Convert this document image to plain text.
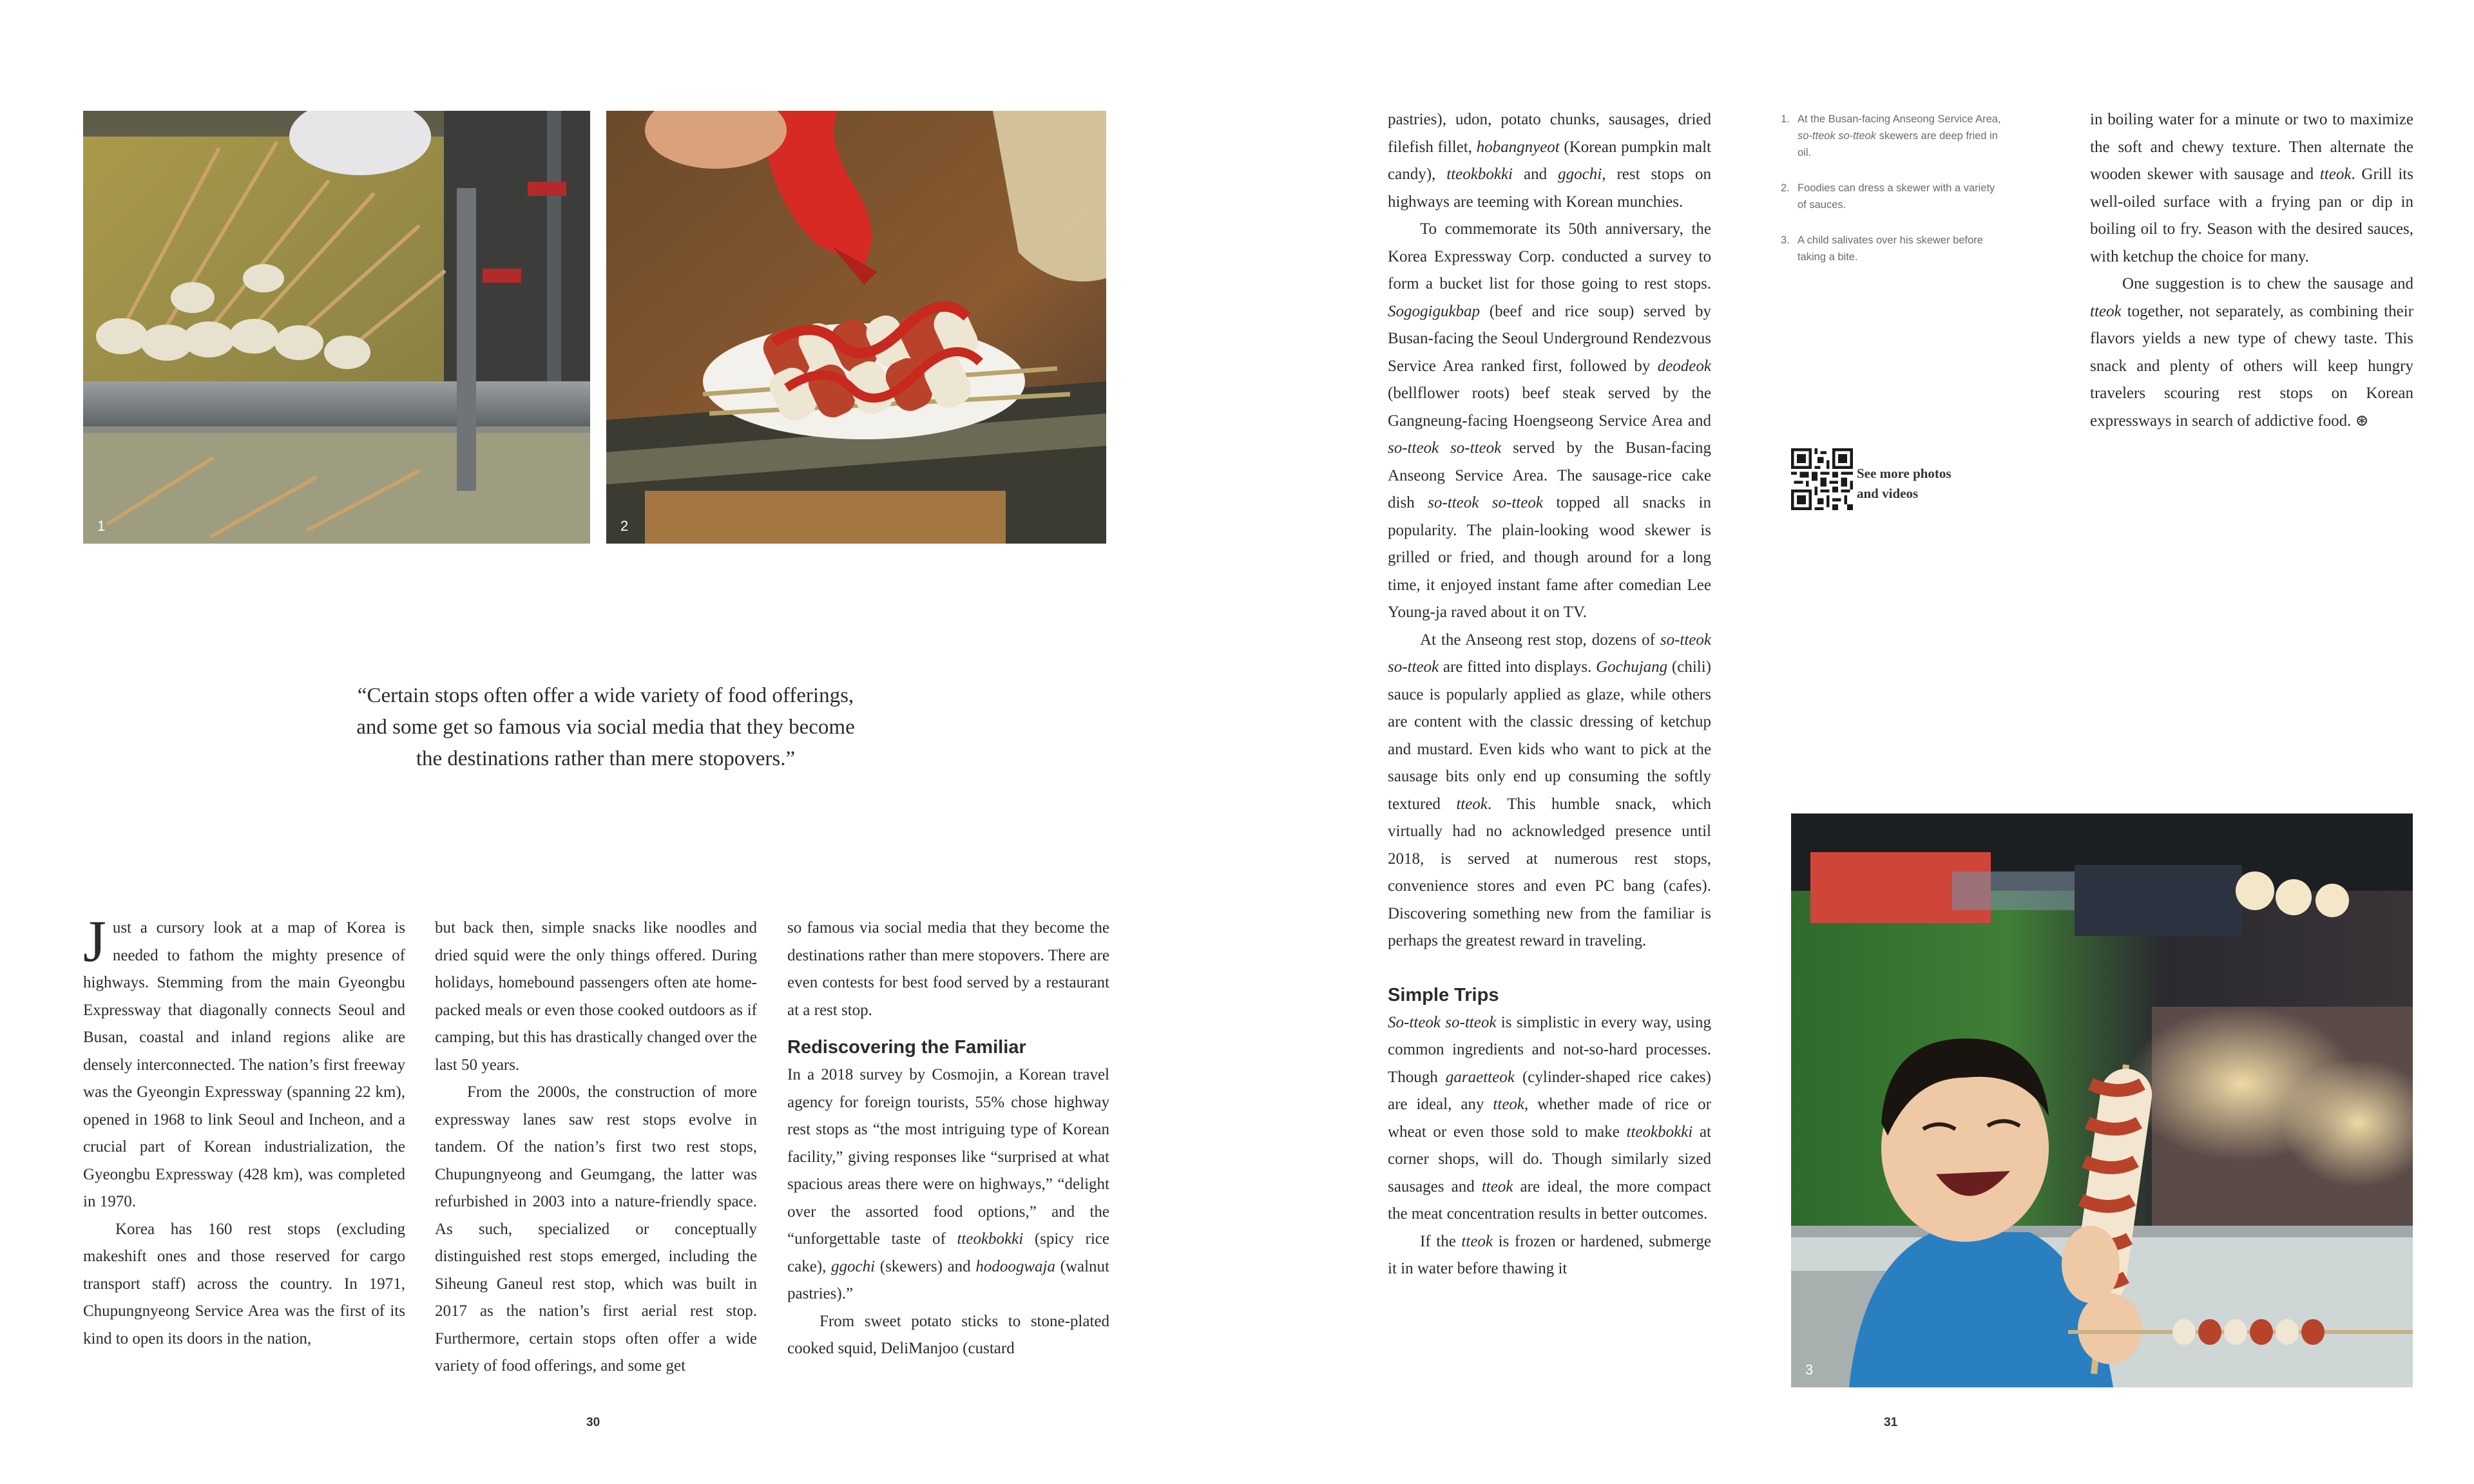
1	2
“Certain stops often offer a wide variety of food offerings,
and some get so famous via social media that they become
the destinations rather than mere stopovers.”

Just a cursory look at a map of Korea is needed to fathom the mighty presence of highways. Stemming from the main Gyeongbu Expressway that diagonally connects Seoul and Busan, coastal and inland regions alike are densely interconnected. The nation’s first freeway was the Gyeongin Expressway (spanning 22 km), opened in 1968 to link Seoul and Incheon, and a crucial part of Korean industrialization, the Gyeongbu Expressway (428 km), was completed in 1970.

Korea has 160 rest stops (excluding makeshift ones and those reserved for cargo transport staff) across the country. In 1971, Chupungnyeong Service Area was the first of its kind to open its doors in the nation,

but back then, simple snacks like noodles and dried squid were the only things offered. During holidays, homebound passengers often ate home-packed meals or even those cooked outdoors as if camping, but this has drastically changed over the last 50 years.

From the 2000s, the construction of more expressway lanes saw rest stops evolve in tandem. Of the nation’s first two rest stops, Chupungnyeong and Geumgang, the latter was refurbished in 2003 into a nature-friendly space. As such, specialized or conceptually distinguished rest stops emerged, including the Siheung Ganeul rest stop, which was built in 2017 as the nation’s first aerial rest stop. Furthermore, certain stops often offer a wide variety of food offerings, and some get

so famous via social media that they become the destinations rather than mere stopovers. There are even contests for best food served by a restaurant at a rest stop.

Rediscovering the Familiar

In a 2018 survey by Cosmojin, a Korean travel agency for foreign tourists, 55% chose highway rest stops as “the most intriguing type of Korean facility,” giving responses like “surprised at what spacious areas there were on highways,” “delight over the assorted food options,” and the “unforgettable taste of tteokbokki (spicy rice cake), ggochi (skewers) and hodoogwaja (walnut pastries).”

From sweet potato sticks to stone-plated cooked squid, DeliManjoo (custard

pastries), udon, potato chunks, sausages, dried filefish fillet, hobangnyeot (Korean pumpkin malt candy), tteokbokki and ggochi, rest stops on highways are teeming with Korean munchies.

To commemorate its 50th anniversary, the Korea Expressway Corp. conducted a survey to form a bucket list for those going to rest stops. Sogogigukbap (beef and rice soup) served by Busan-facing the Seoul Underground Rendezvous Service Area ranked first, followed by deodeok (bellflower roots) beef steak served by the Gangneung-facing Hoengseong Service Area and so-tteok so-tteok served by the Busan-facing Anseong Service Area. The sausage-rice cake dish so-tteok so-tteok topped all snacks in popularity. The plain-looking wood skewer is grilled or fried, and though around for a long time, it enjoyed instant fame after comedian Lee Young-ja raved about it on TV.

At the Anseong rest stop, dozens of so-tteok so-tteok are fitted into displays. Gochujang (chili) sauce is popularly applied as glaze, while others are content with the classic dressing of ketchup and mustard. Even kids who want to pick at the sausage bits only end up consuming the softly textured tteok. This humble snack, which virtually had no acknowledged presence until 2018, is served at numerous rest stops, convenience stores and even PC bang (cafes). Discovering something new from the familiar is perhaps the greatest reward in traveling.

Simple Trips

So-tteok so-tteok is simplistic in every way, using common ingredients and not-so-hard processes. Though garaetteok (cylinder-shaped rice cakes) are ideal, any tteok, whether made of rice or wheat or even those sold to make tteokbokki at corner shops, will do. Though similarly sized sausages and tteok are ideal, the more compact the meat concentration results in better outcomes.

If the tteok is frozen or hardened, submerge it in water before thawing it

1. At the Busan-facing Anseong Service Area, so-tteok so-tteok skewers are deep fried in oil.
2. Foodies can dress a skewer with a variety of sauces.
3. A child salivates over his skewer before taking a bite.
See more photos
and videos

in boiling water for a minute or two to maximize the soft and chewy texture. Then alternate the wooden skewer with sausage and tteok. Grill its well-oiled surface with a frying pan or dip in boiling oil to fry. Season with the desired sauces, with ketchup the choice for many.

One suggestion is to chew the sausage and tteok together, not separately, as combining their flavors yields a new type of chewy taste. This snack and plenty of others will keep hungry travelers scouring rest stops on Korean expressways in search of addictive food. ⊛

3
30	31
